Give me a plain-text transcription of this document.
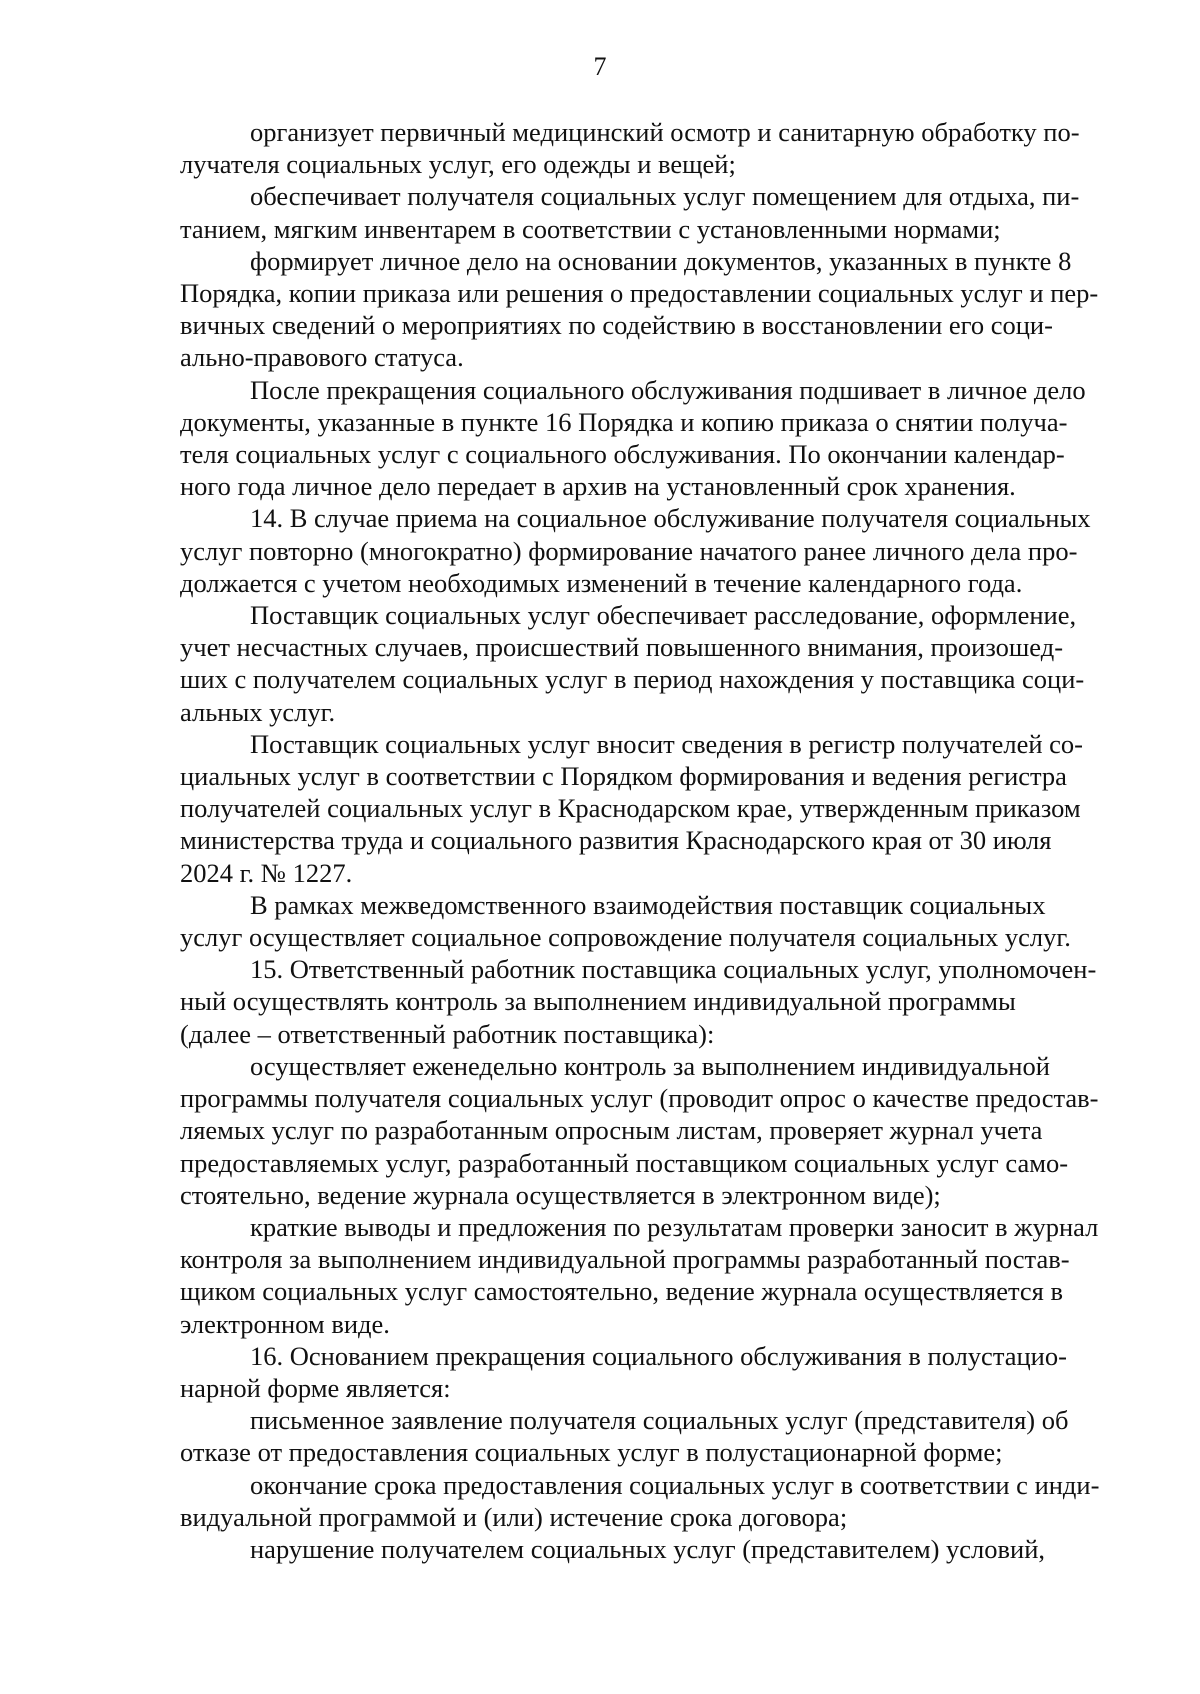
7

организует первичный медицинский осмотр и санитарную обработку по-
лучателя социальных услуг, его одежды и вещей;

обеспечивает получателя социальных услуг помещением для отдыха, пи-
танием, мягким инвентарем в соответствии с установленными нормами;

формирует личное дело на основании документов, указанных в пункте 8
Порядка, копии приказа или решения о предоставлении социальных услуг и пер-
вичных сведений о мероприятиях по содействию в восстановлении его соци-
ально-правового статуса.

После прекращения социального обслуживания подшивает в личное дело
документы, указанные в пункте 16 Порядка и копию приказа о снятии получа-
теля социальных услуг с социального обслуживания. По окончании календар-
ного года личное дело передает в архив на установленный срок хранения.

14. В случае приема на социальное обслуживание получателя социальных
услуг повторно (многократно) формирование начатого ранее личного дела про-
должается с учетом необходимых изменений в течение календарного года.

Поставщик социальных услуг обеспечивает расследование, оформление,
учет несчастных случаев, происшествий повышенного внимания, произошед-
ших с получателем социальных услуг в период нахождения у поставщика соци-
альных услуг.

Поставщик социальных услуг вносит сведения в регистр получателей со-
циальных услуг в соответствии с Порядком формирования и ведения регистра
получателей социальных услуг в Краснодарском крае, утвержденным приказом
министерства труда и социального развития Краснодарского края от 30 июля
2024 г. № 1227.

В рамках межведомственного взаимодействия поставщик социальных
услуг осуществляет социальное сопровождение получателя социальных услуг.

15. Ответственный работник поставщика социальных услуг, уполномочен-
ный осуществлять контроль за выполнением индивидуальной программы
(далее – ответственный работник поставщика):

осуществляет еженедельно контроль за выполнением индивидуальной
программы получателя социальных услуг (проводит опрос о качестве предостав-
ляемых услуг по разработанным опросным листам, проверяет журнал учета
предоставляемых услуг, разработанный поставщиком социальных услуг само-
стоятельно, ведение журнала осуществляется в электронном виде);

краткие выводы и предложения по результатам проверки заносит в журнал
контроля за выполнением индивидуальной программы разработанный постав-
щиком социальных услуг самостоятельно, ведение журнала осуществляется в
электронном виде.

16. Основанием прекращения социального обслуживания в полустацио-
нарной форме является:

письменное заявление получателя социальных услуг (представителя) об
отказе от предоставления социальных услуг в полустационарной форме;

окончание срока предоставления социальных услуг в соответствии с инди-
видуальной программой и (или) истечение срока договора;

нарушение получателем социальных услуг (представителем) условий,
